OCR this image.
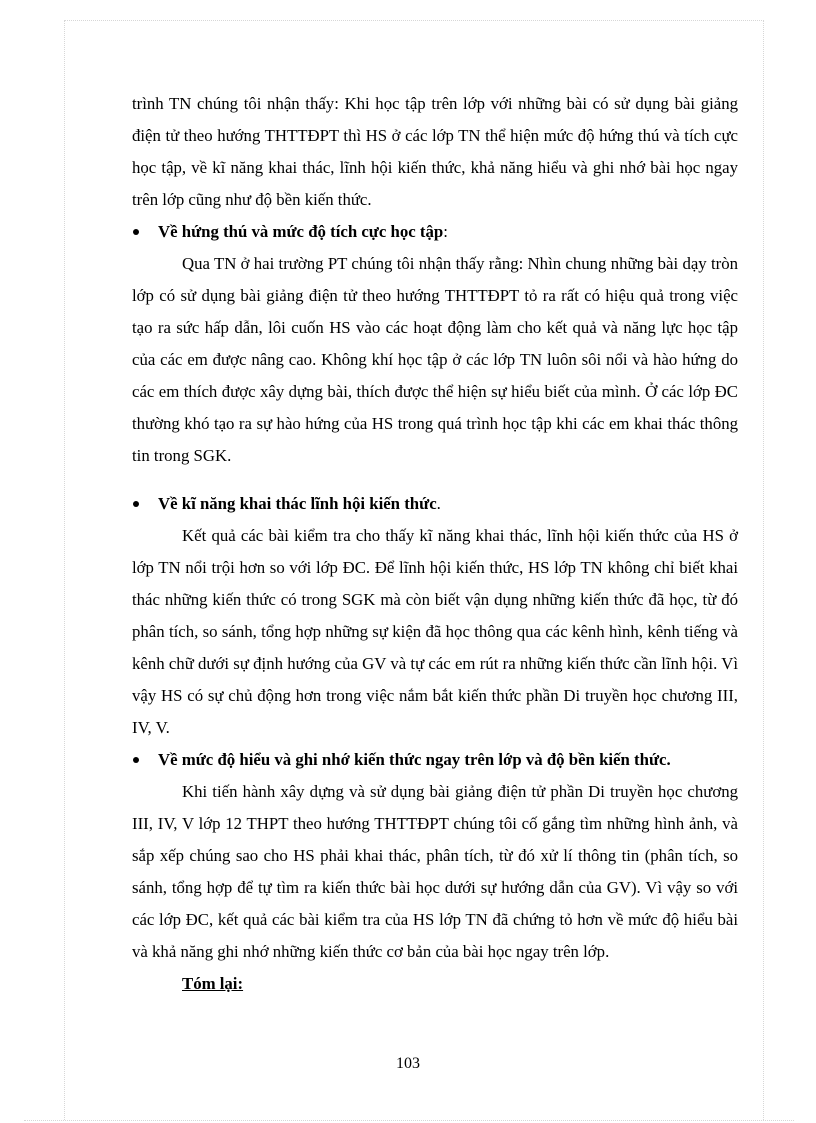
trình TN chúng tôi nhận thấy: Khi học tập trên lớp với những bài có sử dụng bài giảng điện tử theo hướng THTTĐPT thì HS ở các lớp TN thể hiện mức độ hứng thú và tích cực học tập, về kĩ năng khai thác, lĩnh hội kiến thức, khả năng hiểu và ghi nhớ bài học ngay trên lớp cũng như độ bền kiến thức.

Về hứng thú và mức độ tích cực học tập:

Qua TN ở hai trường PT chúng tôi nhận thấy rằng: Nhìn chung những bài dạy tròn lớp có sử dụng bài giảng điện tử theo hướng THTTĐPT tỏ ra rất có hiệu quả trong việc tạo ra sức hấp dẫn, lôi cuốn HS vào các hoạt động làm cho kết quả và năng lực học tập của các em được nâng cao. Không khí học tập ở các lớp TN luôn sôi nổi và hào hứng do các em thích được xây dựng bài, thích được thể hiện sự hiểu biết của mình. Ở các lớp ĐC thường khó tạo ra sự hào hứng của HS trong quá trình học tập khi các em khai thác thông tin trong SGK.

Về kĩ năng khai thác lĩnh hội kiến thức.

Kết quả các bài kiểm tra cho thấy kĩ năng khai thác, lĩnh hội kiến thức của HS ở lớp TN nổi trội hơn so với lớp ĐC. Để lĩnh hội kiến thức, HS lớp TN không chỉ biết khai thác những kiến thức có trong SGK mà còn biết vận dụng những kiến thức đã học, từ đó phân tích, so sánh, tổng hợp những sự kiện đã học thông qua các kênh hình, kênh tiếng và kênh chữ dưới sự định hướng của GV và tự các em rút ra những kiến thức cần lĩnh hội. Vì vậy HS có sự chủ động hơn trong việc nắm bắt kiến thức phần Di truyền học chương III, IV, V.

Về mức độ hiểu và ghi nhớ kiến thức ngay trên lớp và độ bền kiến thức.

Khi tiến hành xây dựng và sử dụng bài giảng điện tử phần Di truyền học chương III, IV, V lớp 12 THPT theo hướng THTTĐPT chúng tôi cố gắng tìm những hình ảnh, và sắp xếp chúng sao cho HS phải khai thác, phân tích, từ đó xử lí thông tin (phân tích, so sánh, tổng hợp để tự tìm ra kiến thức bài học dưới sự hướng dẫn của GV). Vì vậy so với các lớp ĐC, kết quả các bài kiểm tra của HS lớp TN đã chứng tỏ hơn về mức độ hiểu bài và khả năng ghi nhớ những kiến thức cơ bản của bài học ngay trên lớp.

Tóm lại:

103
